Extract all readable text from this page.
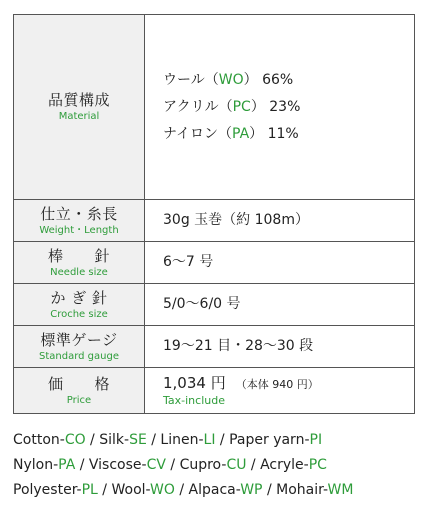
品質構成
Material
ウール（WO） 66%
アクリル（PC） 23%
ナイロン（PA） 11%
仕立・糸長
Weight・Length
30g 玉巻（約 108m）
棒　　針
Needle size
6〜7 号
か ぎ 針
Croche size
5/0〜6/0 号
標準ゲージ
Standard gauge
19〜21 目・28〜30 段
価　　格
Price
1,034 円 （本体 940 円）
Tax-include
Cotton-CO / Silk-SE / Linen-LI / Paper yarn-PI
Nylon-PA / Viscose-CV / Cupro-CU / Acryle-PC
Polyester-PL / Wool-WO / Alpaca-WP / Mohair-WM
